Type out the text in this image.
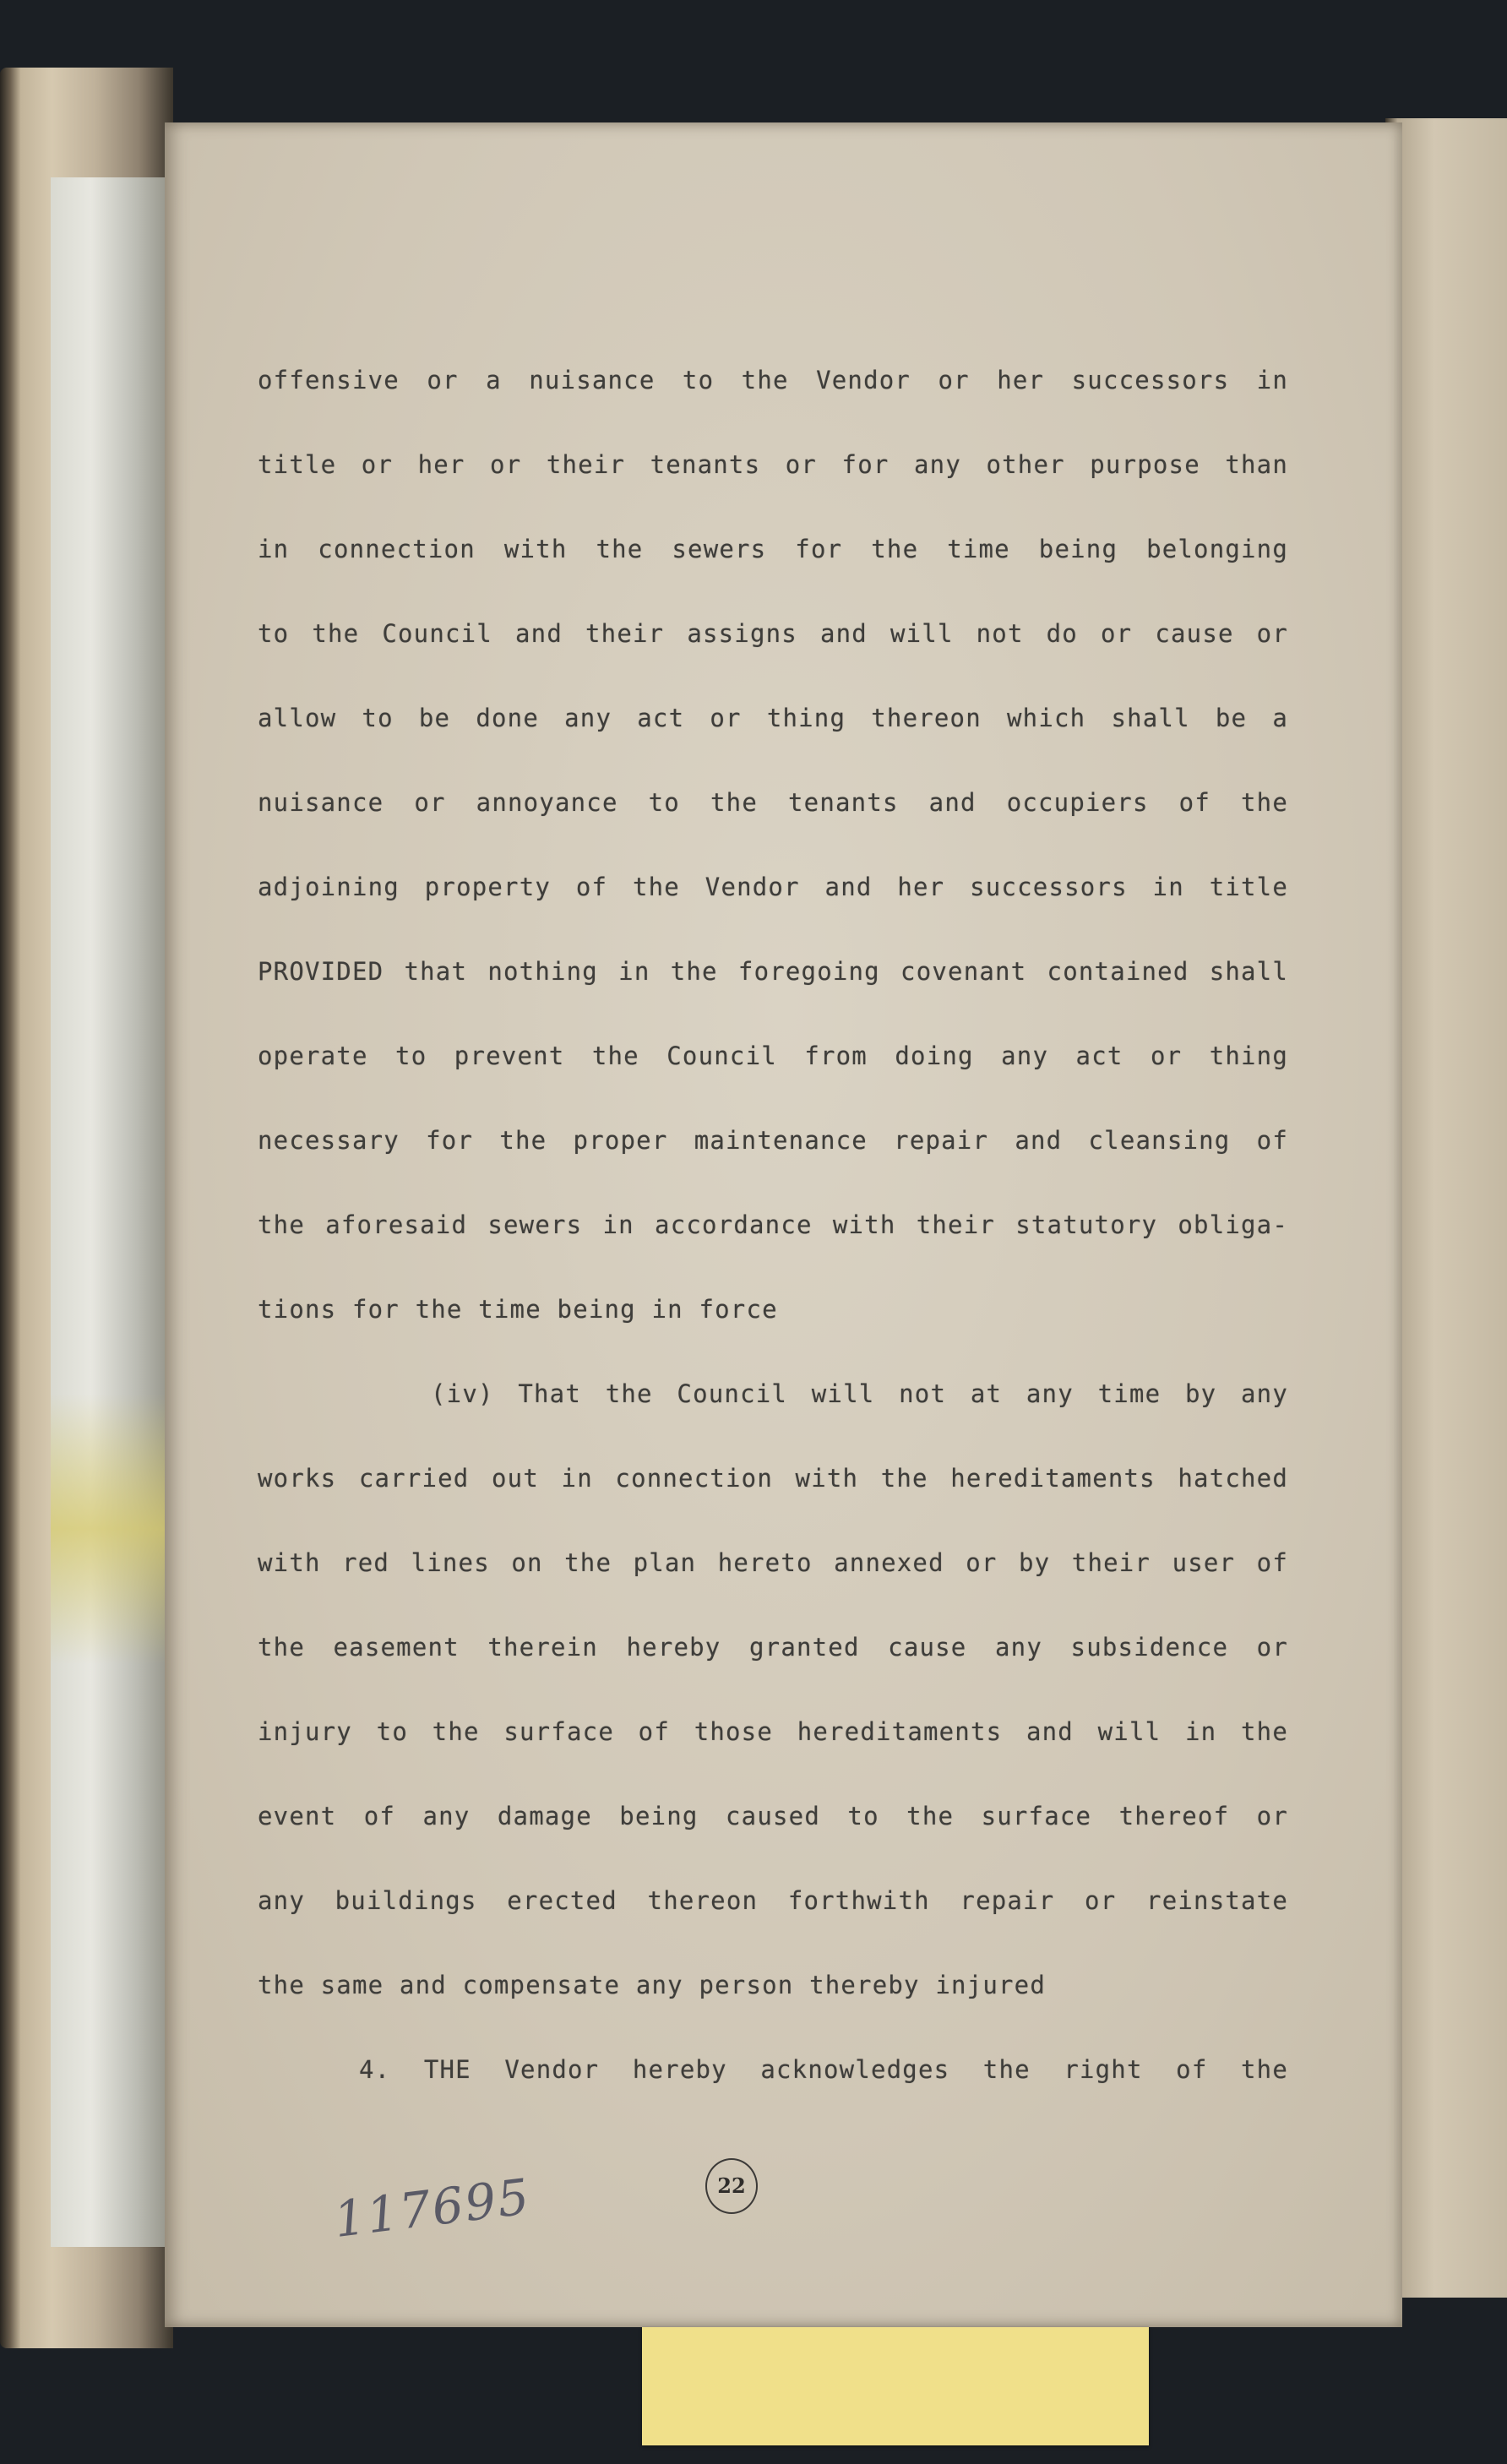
offensive or a nuisance to the Vendor or her successors in
title or her or their tenants or for any other purpose than
in connection with the sewers for the time being belonging
to the Council and their assigns and will not do or cause or
allow to be done any act or thing thereon which shall be a
nuisance or annoyance to the tenants and occupiers of the
adjoining property of the Vendor and her successors in title
PROVIDED that nothing in the foregoing covenant contained shall
operate to prevent the Council from doing any act or thing
necessary for the proper maintenance repair and cleansing of
the aforesaid sewers in accordance with their statutory obliga-
tions for the time being in force
(iv) That the Council will not at any time by any
works carried out in connection with the hereditaments hatched
with red lines on the plan hereto annexed or by their user of
the easement therein hereby granted cause any subsidence or
injury to the surface of those hereditaments and will in the
event of any damage being caused to the surface thereof or
any buildings erected thereon forthwith repair or reinstate
the same and compensate any person thereby injured
4. THE Vendor hereby acknowledges the right of the
117695	22
